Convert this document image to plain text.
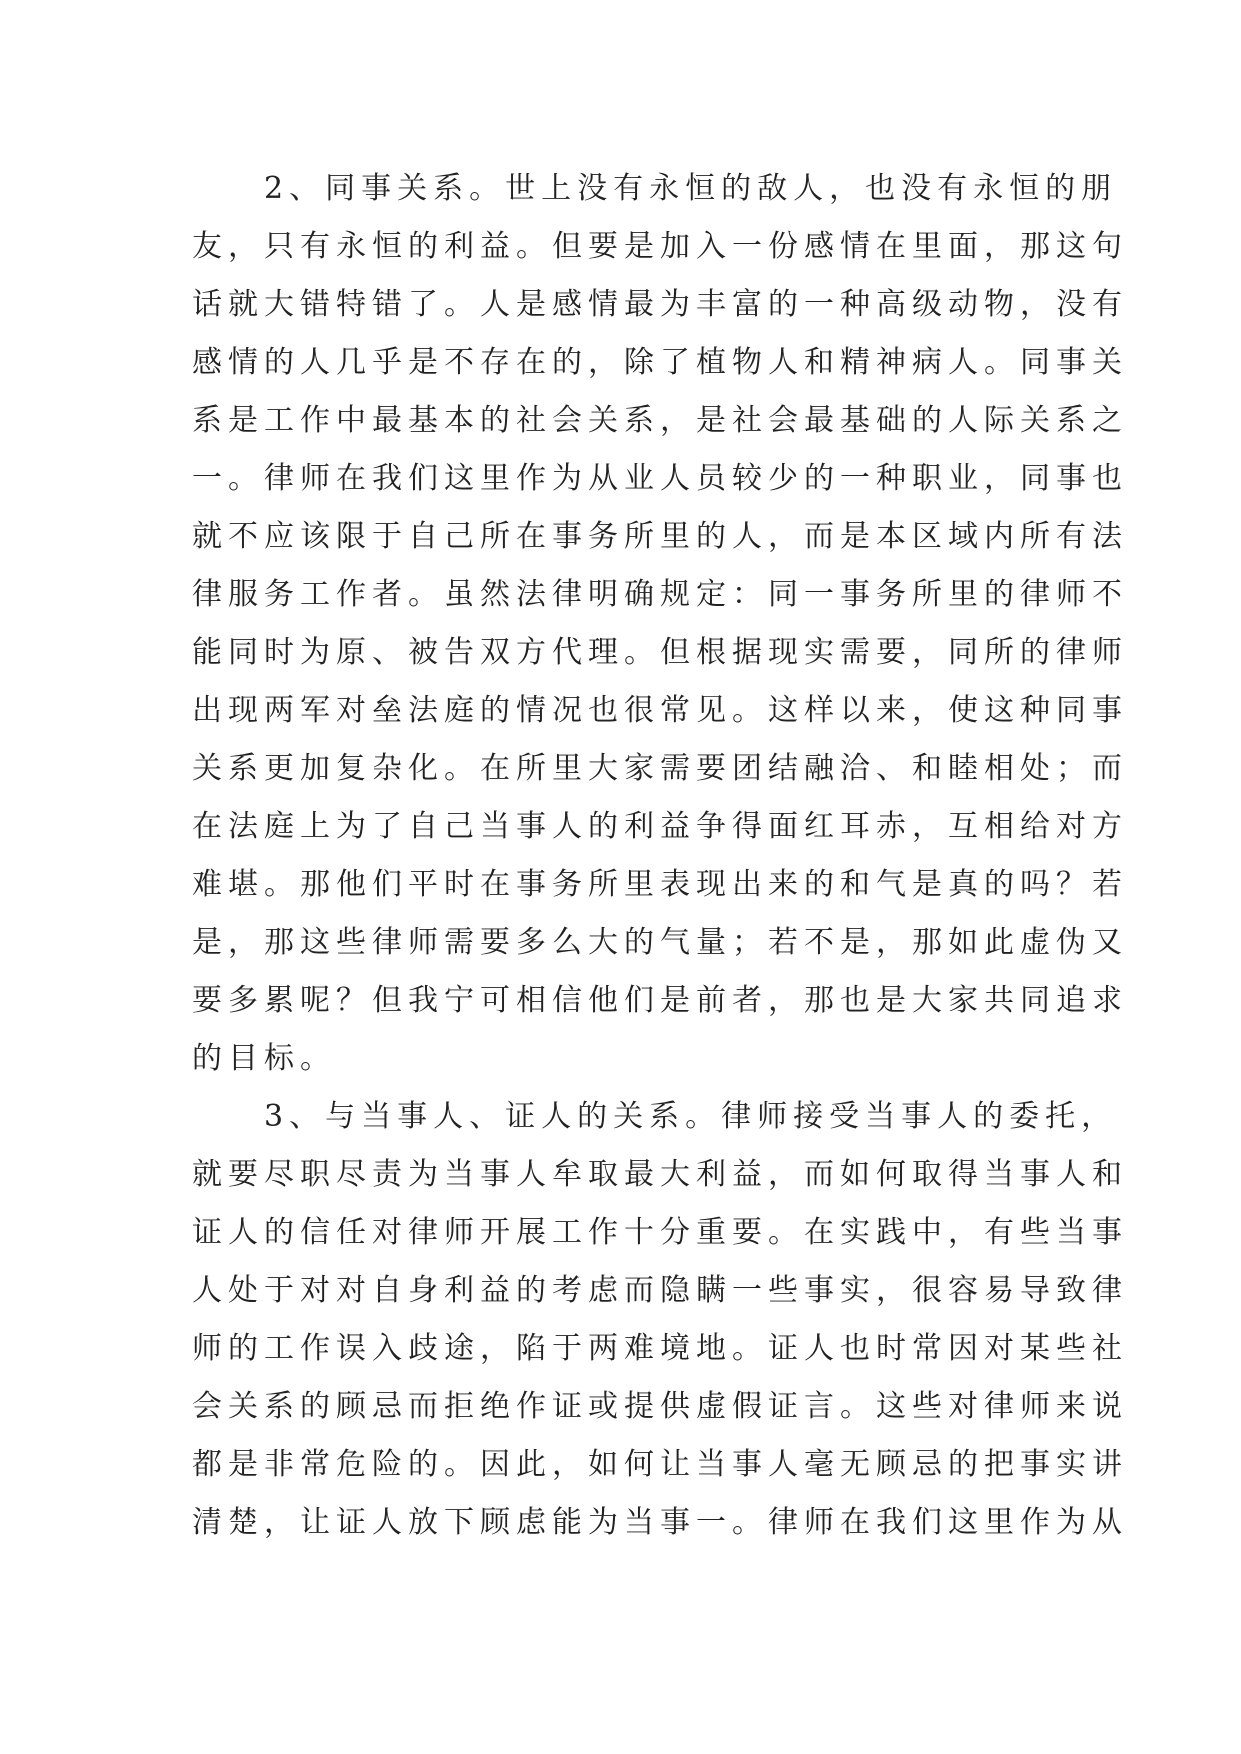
　　2、同事关系。世上没有永恒的敌人，也没有永恒的朋
友，只有永恒的利益。但要是加入一份感情在里面，那这句
话就大错特错了。人是感情最为丰富的一种高级动物，没有
感情的人几乎是不存在的，除了植物人和精神病人。同事关
系是工作中最基本的社会关系，是社会最基础的人际关系之
一。律师在我们这里作为从业人员较少的一种职业，同事也
就不应该限于自己所在事务所里的人，而是本区域内所有法
律服务工作者。虽然法律明确规定：同一事务所里的律师不
能同时为原、被告双方代理。但根据现实需要，同所的律师
出现两军对垒法庭的情况也很常见。这样以来，使这种同事
关系更加复杂化。在所里大家需要团结融洽、和睦相处；而
在法庭上为了自己当事人的利益争得面红耳赤，互相给对方
难堪。那他们平时在事务所里表现出来的和气是真的吗？若
是，那这些律师需要多么大的气量；若不是，那如此虚伪又
要多累呢？但我宁可相信他们是前者，那也是大家共同追求
的目标。
　　3、与当事人、证人的关系。律师接受当事人的委托，
就要尽职尽责为当事人牟取最大利益，而如何取得当事人和
证人的信任对律师开展工作十分重要。在实践中，有些当事
人处于对对自身利益的考虑而隐瞒一些事实，很容易导致律
师的工作误入歧途，陷于两难境地。证人也时常因对某些社
会关系的顾忌而拒绝作证或提供虚假证言。这些对律师来说
都是非常危险的。因此，如何让当事人毫无顾忌的把事实讲
清楚，让证人放下顾虑能为当事一。律师在我们这里作为从
